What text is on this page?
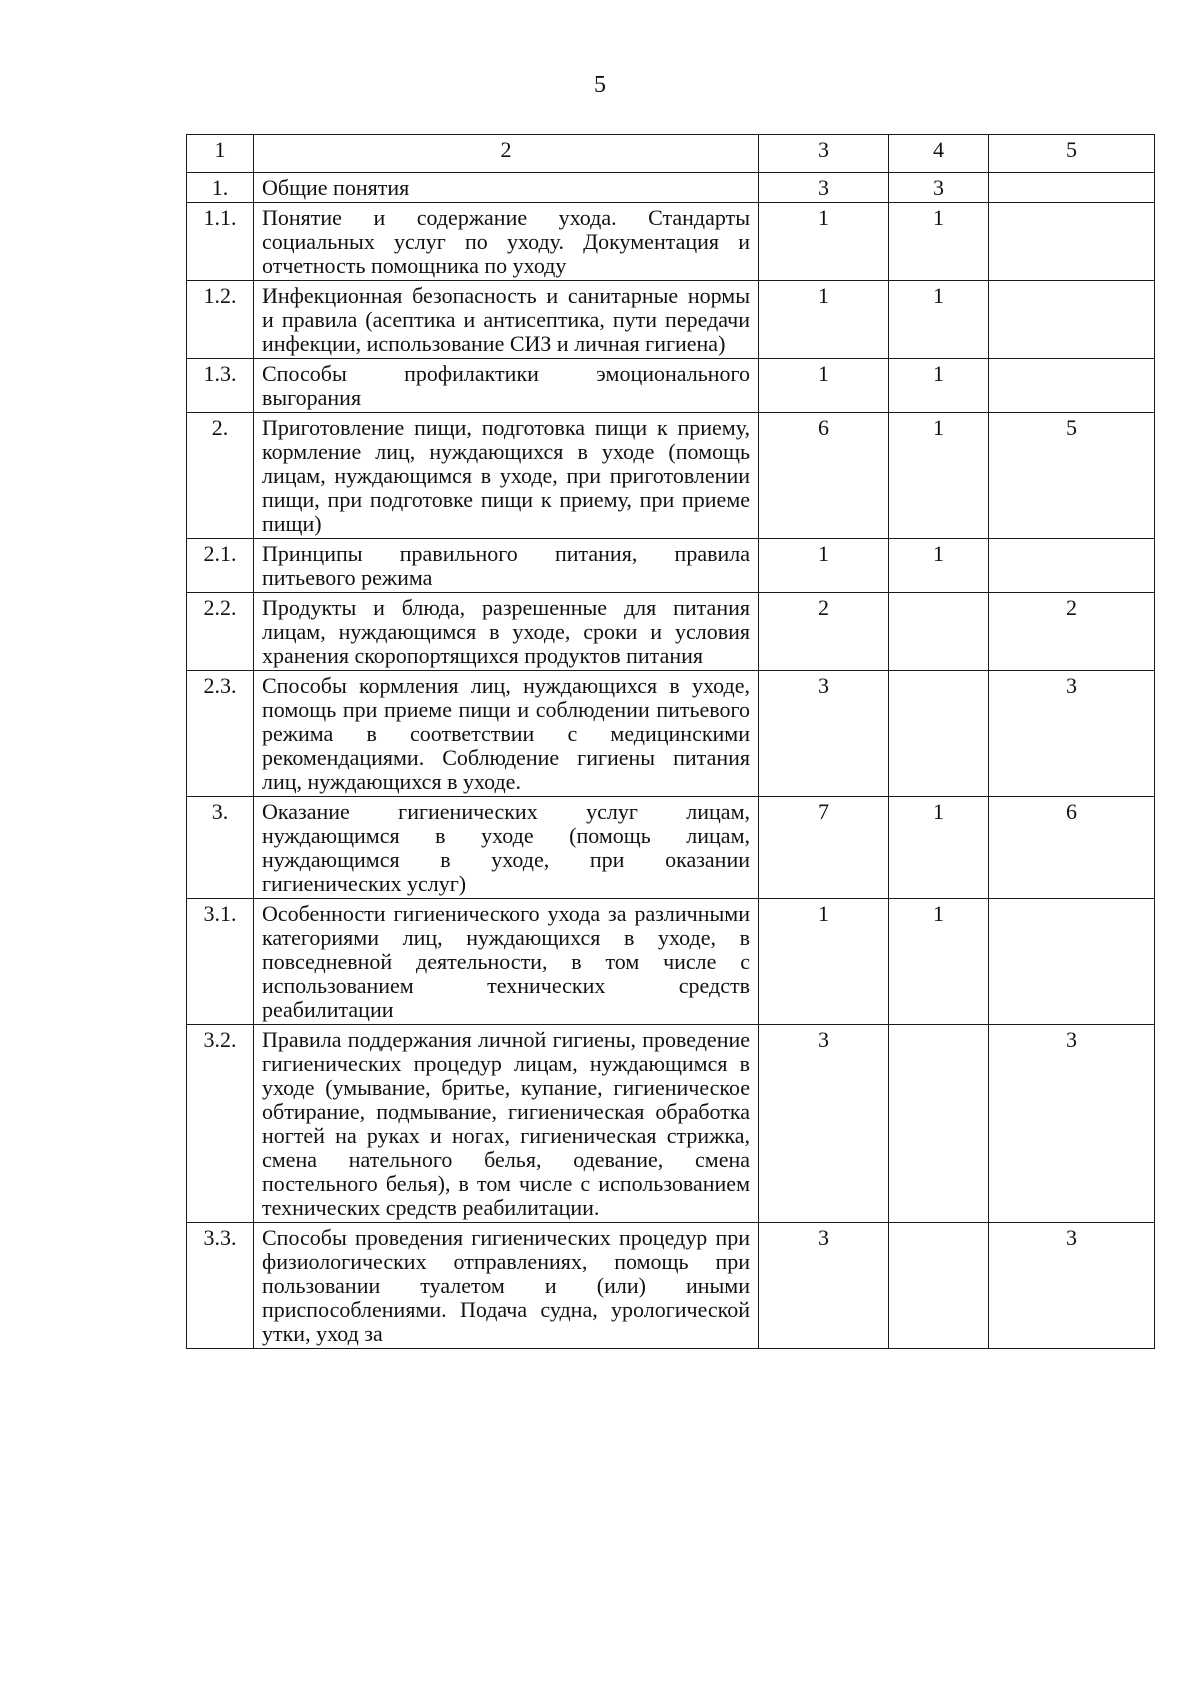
5
1	2	3	4	5
1.	Общие понятия	3	3	
1.1.	Понятие и содержание ухода. Стандарты социальных услуг по уходу. Документация и отчетность помощника по уходу	1	1	
1.2.	Инфекционная безопасность и санитарные нормы и правила (асептика и антисептика, пути передачи инфекции, использование СИЗ и личная гигиена)	1	1	
1.3.	Способы профилактики эмоционального выгорания	1	1	
2.	Приготовление пищи, подготовка пищи к приему, кормление лиц, нуждающихся в уходе (помощь лицам, нуждающимся в уходе, при приготовлении пищи, при подготовке пищи к приему, при приеме пищи)	6	1	5
2.1.	Принципы правильного питания, правила питьевого режима	1	1	
2.2.	Продукты и блюда, разрешенные для питания лицам, нуждающимся в уходе, сроки и условия хранения скоропортящихся продуктов питания	2		2
2.3.	Способы кормления лиц, нуждающихся в уходе, помощь при приеме пищи и соблюдении питьевого режима в соответствии с медицинскими рекомендациями. Соблюдение гигиены питания лиц, нуждающихся в уходе.	3		3
3.	Оказание гигиенических услуг лицам, нуждающимся в уходе (помощь лицам, нуждающимся в уходе, при оказании гигиенических услуг)	7	1	6
3.1.	Особенности гигиенического ухода за различными категориями лиц, нуждающихся в уходе, в повседневной деятельности, в том числе с использованием технических средств реабилитации	1	1	
3.2.	Правила поддержания личной гигиены, проведение гигиенических процедур лицам, нуждающимся в уходе (умывание, бритье, купание, гигиеническое обтирание, подмывание, гигиеническая обработка ногтей на руках и ногах, гигиеническая стрижка, смена нательного белья, одевание, смена постельного белья), в том числе с использованием технических средств реабилитации.	3		3
3.3.	Способы проведения гигиенических процедур при физиологических отправлениях, помощь при пользовании туалетом и (или) иными приспособлениями. Подача судна, урологической утки, уход за	3		3
